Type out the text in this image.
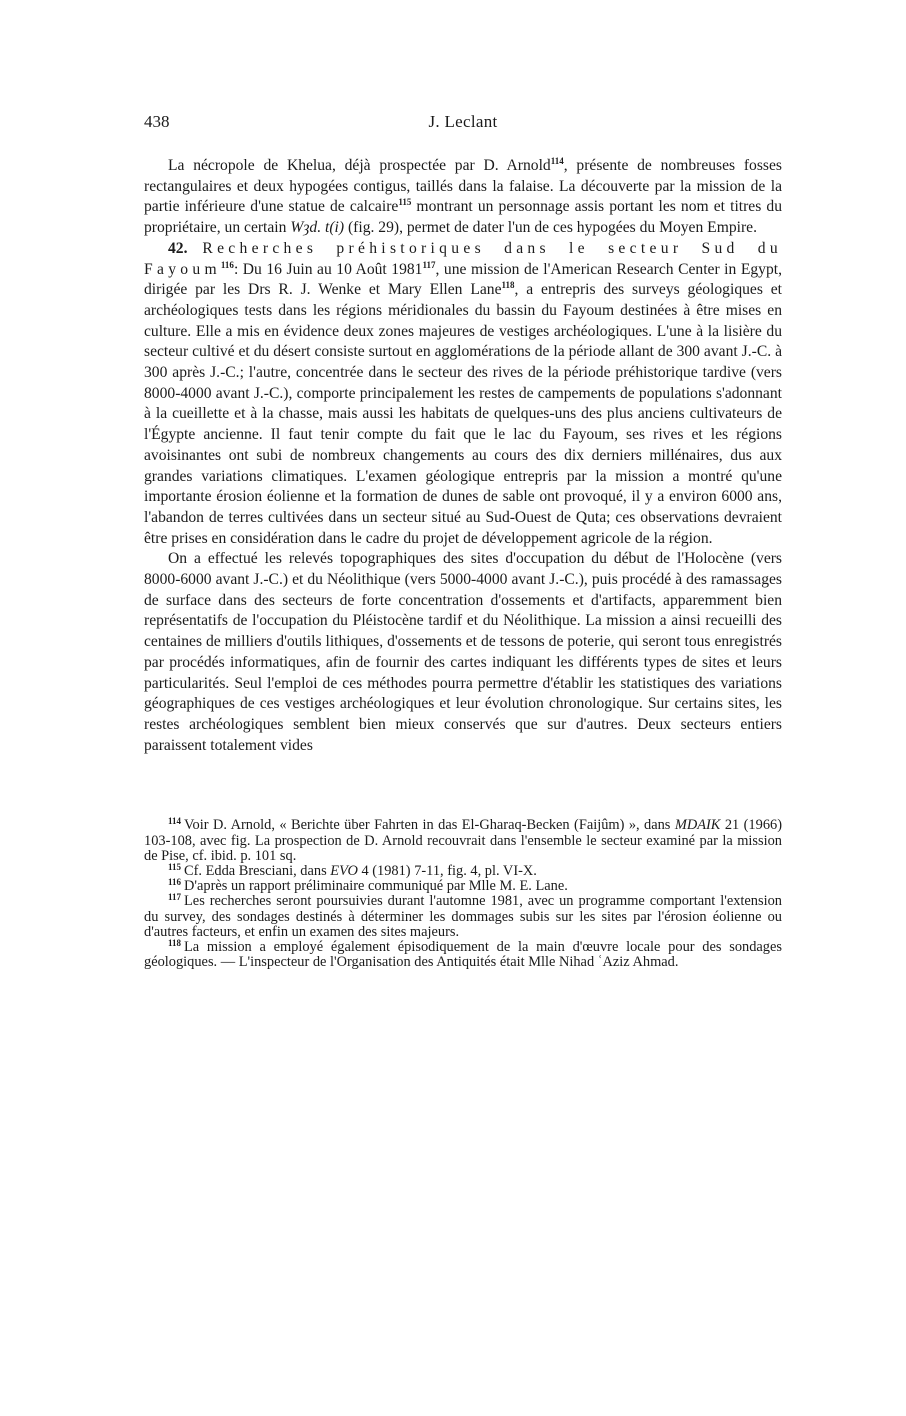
438	J. Leclant

La nécropole de Khelua, déjà prospectée par D. Arnold$^{114}$, présente de nombreuses fosses rectangulaires et deux hypogées contigus, taillés dans la falaise. La découverte par la mission de la partie inférieure d'une statue de calcaire$^{115}$ montrant un personnage assis portant les nom et titres du propriétaire, un certain Wȝd. t(i) (fig. 29), permet de dater l'un de ces hypogées du Moyen Empire.

42. Recherches préhistoriques dans le secteur Sud du Fayoum$^{116}$: Du 16 Juin au 10 Août 1981$^{117}$, une mission de l'American Research Center in Egypt, dirigée par les Drs R. J. Wenke et Mary Ellen Lane$^{118}$, a entrepris des surveys géologiques et archéologiques tests dans les régions méridionales du bassin du Fayoum destinées à être mises en culture. Elle a mis en évidence deux zones majeures de vestiges archéologiques. L'une à la lisière du secteur cultivé et du désert consiste surtout en agglomérations de la période allant de 300 avant J.-C. à 300 après J.-C.; l'autre, concentrée dans le secteur des rives de la période préhistorique tardive (vers 8000-4000 avant J.-C.), comporte principalement les restes de campements de populations s'adonnant à la cueillette et à la chasse, mais aussi les habitats de quelques-uns des plus anciens cultivateurs de l'Égypte ancienne. Il faut tenir compte du fait que le lac du Fayoum, ses rives et les régions avoisinantes ont subi de nombreux changements au cours des dix derniers millénaires, dus aux grandes variations climatiques. L'examen géologique entrepris par la mission a montré qu'une importante érosion éolienne et la formation de dunes de sable ont provoqué, il y a environ 6000 ans, l'abandon de terres cultivées dans un secteur situé au Sud-Ouest de Quta; ces observations devraient être prises en considération dans le cadre du projet de développement agricole de la région.

On a effectué les relevés topographiques des sites d'occupation du début de l'Holocène (vers 8000-6000 avant J.-C.) et du Néolithique (vers 5000-4000 avant J.-C.), puis procédé à des ramassages de surface dans des secteurs de forte concentration d'ossements et d'artifacts, apparemment bien représentatifs de l'occupation du Pléistocène tardif et du Néolithique. La mission a ainsi recueilli des centaines de milliers d'outils lithiques, d'ossements et de tessons de poterie, qui seront tous enregistrés par procédés informatiques, afin de fournir des cartes indiquant les différents types de sites et leurs particularités. Seul l'emploi de ces méthodes pourra permettre d'établir les statistiques des variations géographiques de ces vestiges archéologiques et leur évolution chronologique. Sur certains sites, les restes archéologiques semblent bien mieux conservés que sur d'autres. Deux secteurs entiers paraissent totalement vides

$^{114}$ Voir D. Arnold, « Berichte über Fahrten in das El-Gharaq-Becken (Faijûm) », dans MDAIK 21 (1966) 103-108, avec fig. La prospection de D. Arnold recouvrait dans l'ensemble le secteur examiné par la mission de Pise, cf. ibid. p. 101 sq.

$^{115}$ Cf. Edda Bresciani, dans EVO 4 (1981) 7-11, fig. 4, pl. VI-X.

$^{116}$ D'après un rapport préliminaire communiqué par Mlle M. E. Lane.

$^{117}$ Les recherches seront poursuivies durant l'automne 1981, avec un programme comportant l'extension du survey, des sondages destinés à déterminer les dommages subis sur les sites par l'érosion éolienne ou d'autres facteurs, et enfin un examen des sites majeurs.

$^{118}$ La mission a employé également épisodiquement de la main d'œuvre locale pour des sondages géologiques. — L'inspecteur de l'Organisation des Antiquités était Mlle Nihad ʿAziz Ahmad.
